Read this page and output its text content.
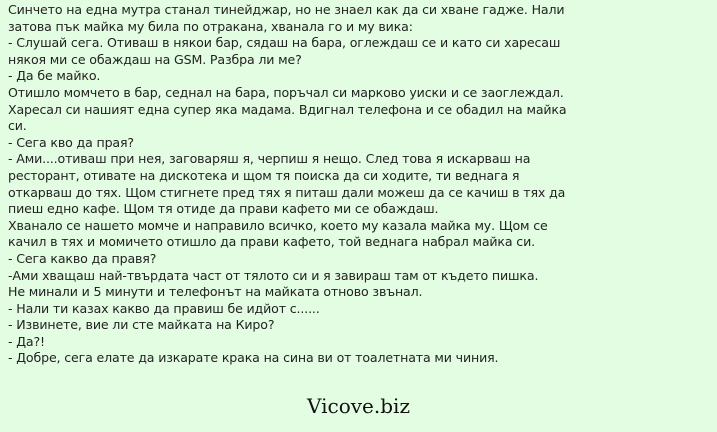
Синчето на една мутра станал тинейджар, но не знаел как да си хване гадже. Нали
затова пък майка му била по отракана, хванала го и му вика:
- Слушай сега. Отиваш в някои бар, сядаш на бара, оглеждаш се и като си харесаш
някоя ми се обаждаш на GSM. Разбра ли ме?
- Да бе майко.
Отишло момчето в бар, седнал на бара, поръчал си марково уиски и се заоглеждал.
Харесал си нашият една супер яка мадама. Вдигнал телефона и се обадил на майка
си.
- Сега кво да прая?
- Ами....отиваш при нея, заговаряш я, черпиш я нещо. След това я искарваш на
ресторант, отивате на дискотека и щом тя поиска да си ходите, ти веднага я
откарваш до тях. Щом стигнете пред тях я питаш дали можеш да се качиш в тях да
пиеш едно кафе. Щом тя отиде да прави кафето ми се обаждаш.
Хванало се нашето момче и направило всичко, което му казала майка му. Щом се
качил в тях и момичето отишло да прави кафето, той веднага набрал майка си.
- Сега какво да правя?
-Ами хващаш най-твърдата част от тялото си и я завираш там от където пишка.
Не минали и 5 минути и телефонът на майката отново звънал.
- Нали ти казах какво да правиш бе идйот с......
- Извинете, вие ли сте майката на Киро?
- Да?!
- Добре, сега елате да изкарате крака на сина ви от тоалетната ми чиния.
Vicove.biz
